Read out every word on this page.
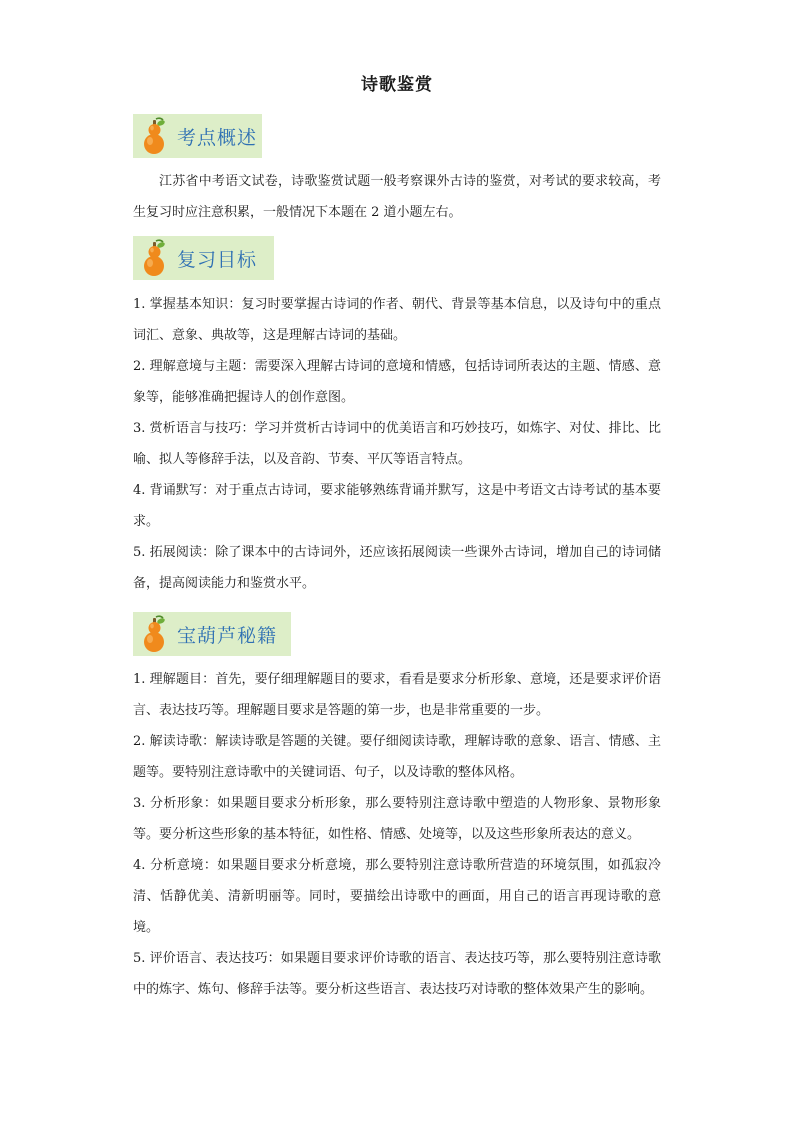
诗歌鉴赏
考点概述
江苏省中考语文试卷，诗歌鉴赏试题一般考察课外古诗的鉴赏，对考试的要求较高，考生复习时应注意积累，一般情况下本题在 2 道小题左右。
复习目标

1. 掌握基本知识：复习时要掌握古诗词的作者、朝代、背景等基本信息，以及诗句中的重点词汇、意象、典故等，这是理解古诗词的基础。

2. 理解意境与主题：需要深入理解古诗词的意境和情感，包括诗词所表达的主题、情感、意象等，能够准确把握诗人的创作意图。

3. 赏析语言与技巧：学习并赏析古诗词中的优美语言和巧妙技巧，如炼字、对仗、排比、比喻、拟人等修辞手法，以及音韵、节奏、平仄等语言特点。

4. 背诵默写：对于重点古诗词，要求能够熟练背诵并默写，这是中考语文古诗考试的基本要求。

5. 拓展阅读：除了课本中的古诗词外，还应该拓展阅读一些课外古诗词，增加自己的诗词储备，提高阅读能力和鉴赏水平。

宝葫芦秘籍

1. 理解题目：首先，要仔细理解题目的要求，看看是要求分析形象、意境，还是要求评价语言、表达技巧等。理解题目要求是答题的第一步，也是非常重要的一步。

2. 解读诗歌：解读诗歌是答题的关键。要仔细阅读诗歌，理解诗歌的意象、语言、情感、主题等。要特别注意诗歌中的关键词语、句子，以及诗歌的整体风格。

3. 分析形象：如果题目要求分析形象，那么要特别注意诗歌中塑造的人物形象、景物形象等。要分析这些形象的基本特征，如性格、情感、处境等，以及这些形象所表达的意义。

4. 分析意境：如果题目要求分析意境，那么要特别注意诗歌所营造的环境氛围，如孤寂冷清、恬静优美、清新明丽等。同时，要描绘出诗歌中的画面，用自己的语言再现诗歌的意境。

5. 评价语言、表达技巧：如果题目要求评价诗歌的语言、表达技巧等，那么要特别注意诗歌中的炼字、炼句、修辞手法等。要分析这些语言、表达技巧对诗歌的整体效果产生的影响。
